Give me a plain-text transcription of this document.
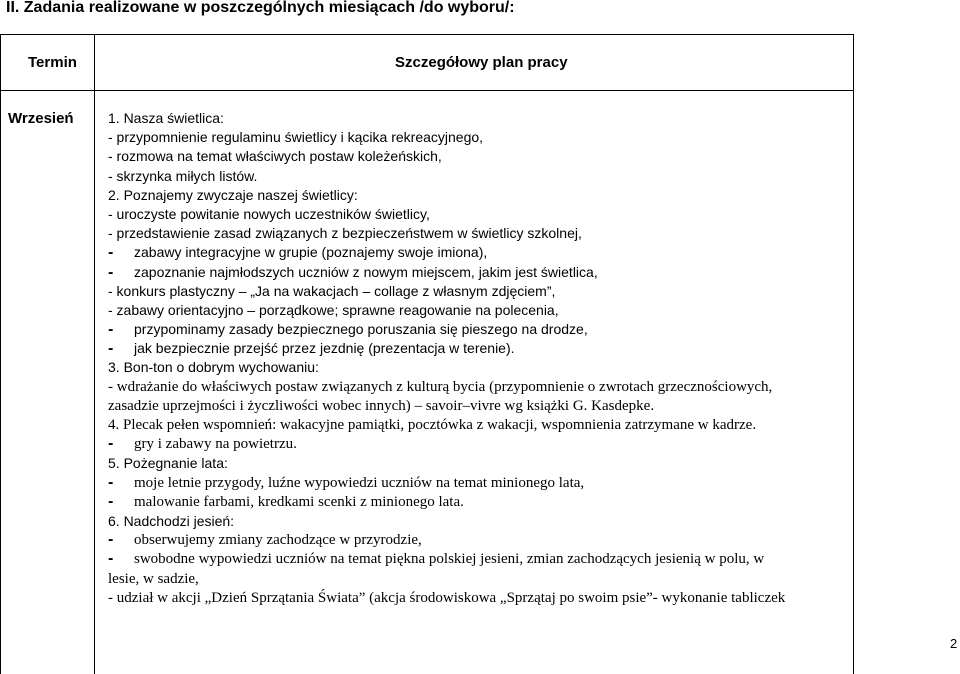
II. Zadania realizowane w poszczególnych miesiącach /do wyboru/:
Termin	Szczegółowy plan pracy
Wrzesień 1. Nasza świetlica:
- przypomnienie regulaminu świetlicy i kącika rekreacyjnego,
- rozmowa na temat właściwych postaw koleżeńskich,
- skrzynka miłych listów.
2. Poznajemy zwyczaje naszej świetlicy:
- uroczyste powitanie nowych uczestników świetlicy,
- przedstawienie zasad związanych z bezpieczeństwem w świetlicy szkolnej,
- zabawy integracyjne w grupie (poznajemy swoje imiona),
- zapoznanie najmłodszych uczniów z nowym miejscem, jakim jest świetlica,
- konkurs plastyczny – „Ja na wakacjach – collage z własnym zdjęciem”,
- zabawy orientacyjno – porządkowe; sprawne reagowanie na polecenia,
- przypominamy zasady bezpiecznego poruszania się pieszego na drodze,
- jak bezpiecznie przejść przez jezdnię (prezentacja w terenie).
3. Bon-ton o dobrym wychowaniu:
- wdrażanie do właściwych postaw związanych z kulturą bycia (przypomnienie o zwrotach grzecznościowych,
zasadzie uprzejmości i życzliwości wobec innych) – savoir–vivre wg książki G. Kasdepke.
4. Plecak pełen wspomnień: wakacyjne pamiątki, pocztówka z wakacji, wspomnienia zatrzymane w kadrze.
- gry i zabawy na powietrzu.
5. Pożegnanie lata:
- moje letnie przygody, luźne wypowiedzi uczniów na temat minionego lata,
- malowanie farbami, kredkami scenki z minionego lata.
6. Nadchodzi jesień:
- obserwujemy zmiany zachodzące w przyrodzie,
- swobodne wypowiedzi uczniów na temat piękna polskiej jesieni, zmian zachodzących jesienią w polu, w
lesie, w sadzie,
- udział w akcji „Dzień Sprzątania Świata” (akcja środowiskowa „Sprzątaj po swoim psie”- wykonanie tabliczek
2
